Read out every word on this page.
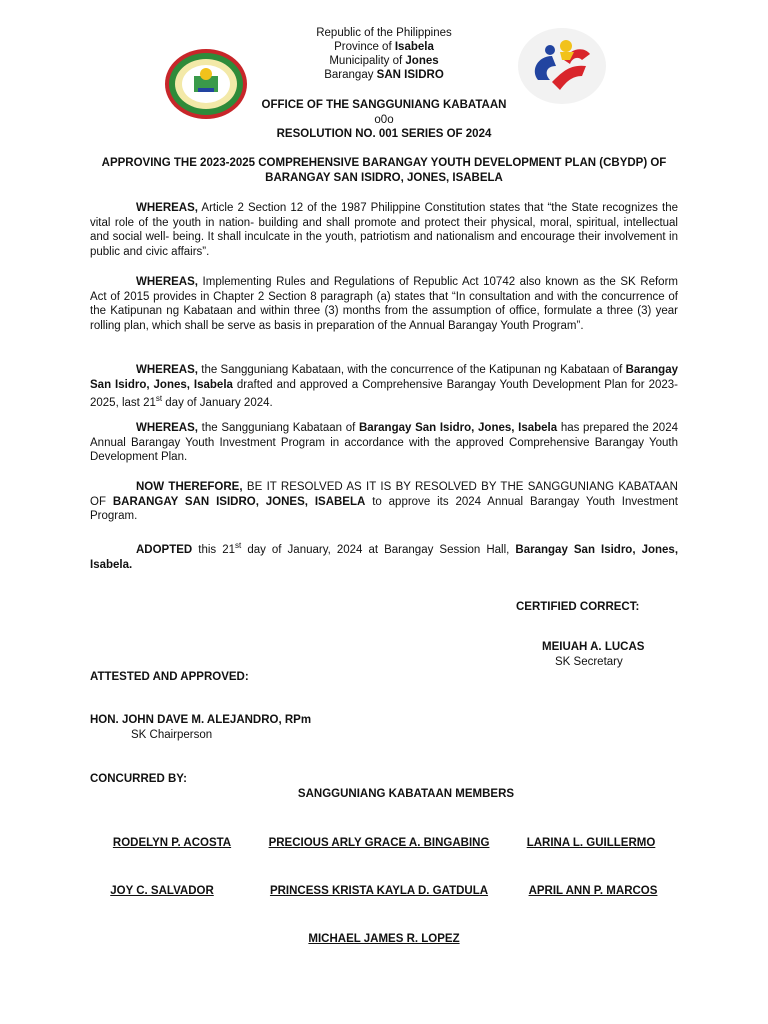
Republic of the Philippines
Province of Isabela
Municipality of Jones
Barangay SAN ISIDRO
OFFICE OF THE SANGGUNIANG KABATAAN
o0o
RESOLUTION NO. 001 SERIES OF 2024
APPROVING THE 2023-2025 COMPREHENSIVE BARANGAY YOUTH DEVELOPMENT PLAN (CBYDP) OF
BARANGAY SAN ISIDRO, JONES, ISABELA

WHEREAS, Article 2 Section 12 of the 1987 Philippine Constitution states that “the State recognizes the vital role of the youth in nation- building and shall promote and protect their physical, moral, spiritual, intellectual and social well- being. It shall inculcate in the youth, patriotism and nationalism and encourage their involvement in public and civic affairs”.

WHEREAS, Implementing Rules and Regulations of Republic Act 10742 also known as the SK Reform Act of 2015 provides in Chapter 2 Section 8 paragraph (a) states that “In consultation and with the concurrence of the Katipunan ng Kabataan and within three (3) months from the assumption of office, formulate a three (3) year rolling plan, which shall be serve as basis in preparation of the Annual Barangay Youth Program”.

WHEREAS, the Sangguniang Kabataan, with the concurrence of the Katipunan ng Kabataan of Barangay San Isidro, Jones, Isabela drafted and approved a Comprehensive Barangay Youth Development Plan for 2023-2025, last 21st day of January 2024.

WHEREAS, the Sangguniang Kabataan of Barangay San Isidro, Jones, Isabela has prepared the 2024 Annual Barangay Youth Investment Program in accordance with the approved Comprehensive Barangay Youth Development Plan.

NOW THEREFORE, BE IT RESOLVED AS IT IS BY RESOLVED BY THE SANGGUNIANG KABATAAN OF BARANGAY SAN ISIDRO, JONES, ISABELA to approve its 2024 Annual Barangay Youth Investment Program.

ADOPTED this 21st day of January, 2024 at Barangay Session Hall, Barangay San Isidro, Jones, Isabela.

CERTIFIED CORRECT:
MEIUAH A. LUCAS
SK Secretary
ATTESTED AND APPROVED:
HON. JOHN DAVE M. ALEJANDRO, RPm
SK Chairperson
CONCURRED BY:
SANGGUNIANG KABATAAN MEMBERS
RODELYN P. ACOSTA	PRECIOUS ARLY GRACE A. BINGABING	LARINA L. GUILLERMO
JOY C. SALVADOR	PRINCESS KRISTA KAYLA D. GATDULA	APRIL ANN P. MARCOS
MICHAEL JAMES R. LOPEZ
